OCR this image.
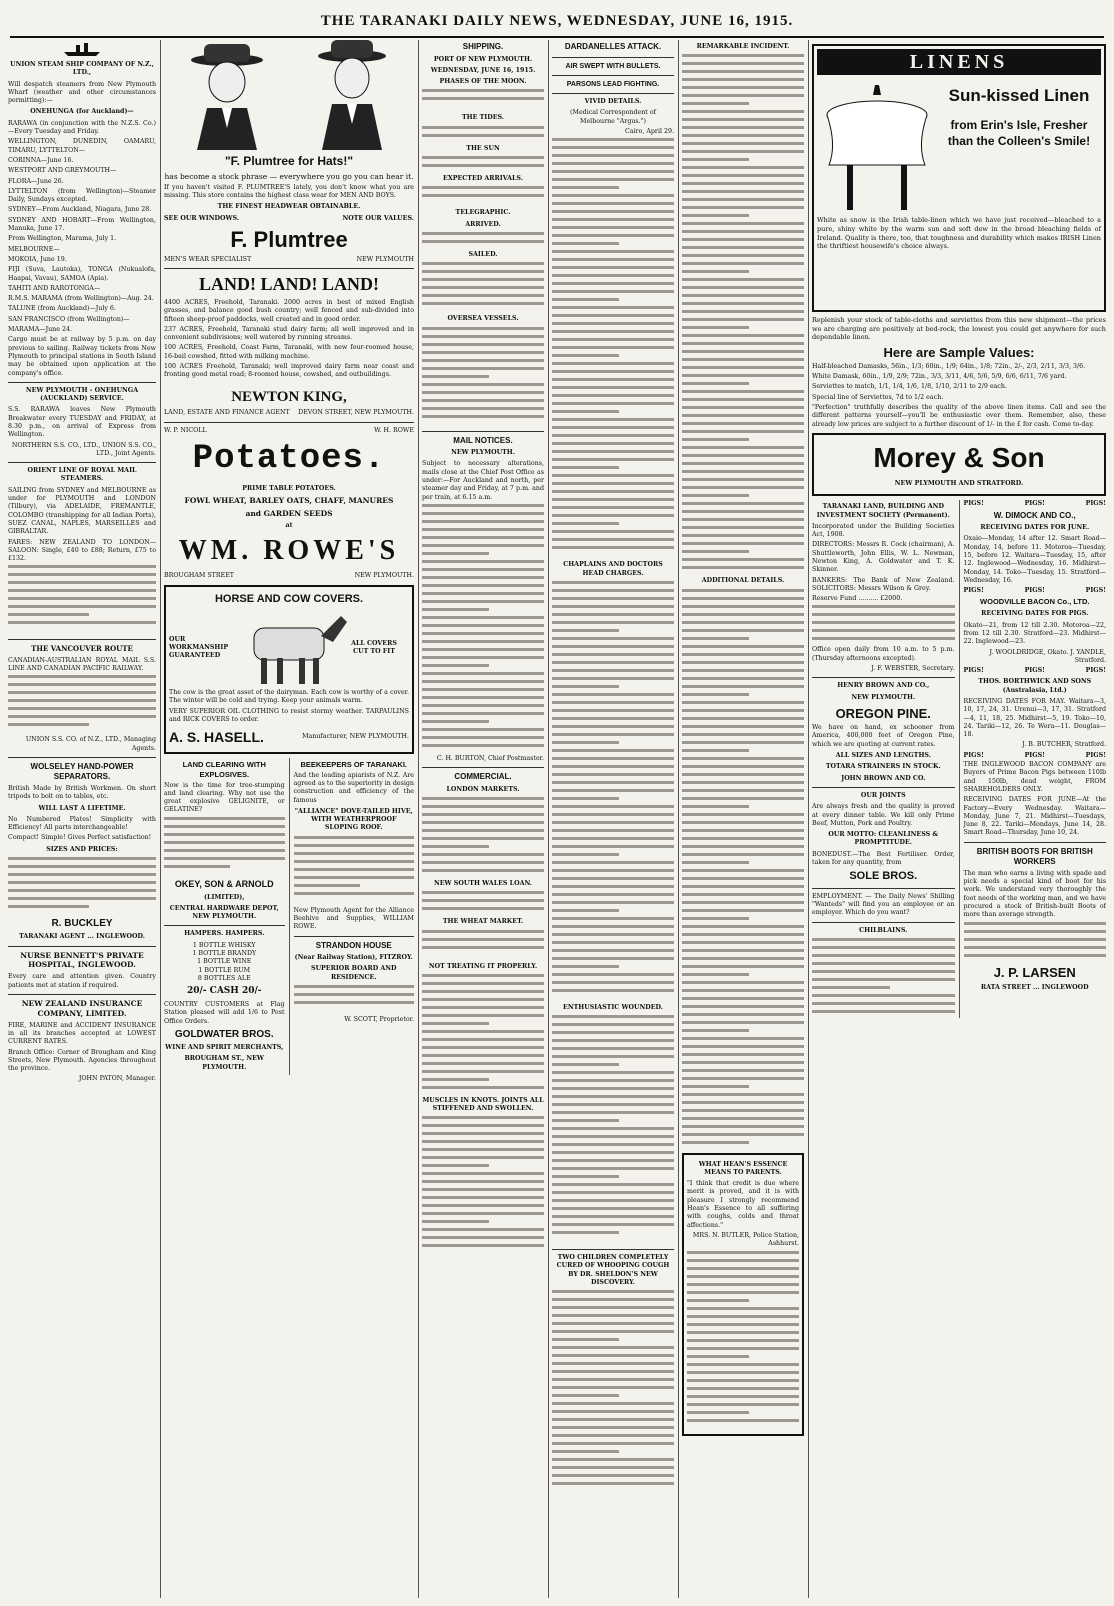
THE TARANAKI DAILY NEWS, WEDNESDAY, JUNE 16, 1915.
UNION STEAM SHIP COMPANY OF N.Z., LTD.,
Will despatch steamers from New Plymouth Wharf (weather and other circumstances permitting):—
ONEHUNGA (for Auckland)—
RARAWA (in conjunction with the N.Z.S. Co.)—Every Tuesday and Friday.
WELLINGTON, DUNEDIN, OAMARU, TIMARU, LYTTELTON—
CORINNA—June 16.
WESTPORT AND GREYMOUTH—
FLORA—June 26.
LYTTELTON (from Wellington)—Steamer Daily, Sundays excepted.
SYDNEY—From Auckland, Niagara, June 28.
SYDNEY AND HOBART—From Wellington, Manuka, June 17.
From Wellington, Marama, July 1.
MELBOURNE—
MOKOIA, June 19.
FIJI (Suva, Lautoka), TONGA (Nukualofa, Haapai, Vavau), SAMOA (Apia).
TAHITI AND RAROTONGA—
R.M.S. MARAMA (from Wellington)—Aug. 24.
TALUNE (from Auckland)—July 6.
SAN FRANCISCO (from Wellington)—
MARAMA—June 24.
Cargo must be at railway by 5 p.m. on day previous to sailing. Railway tickets from New Plymouth to principal stations in South Island may be obtained upon application at the company's office.
NEW PLYMOUTH - ONEHUNGA (AUCKLAND) SERVICE.
S.S. RARAWA leaves New Plymouth Breakwater every TUESDAY and FRIDAY, at 8.30 p.m., on arrival of Express from Wellington.
NORTHERN S.S. CO., LTD., UNION S.S. CO., LTD., Joint Agents.
ORIENT LINE OF ROYAL MAIL STEAMERS.
SAILING from SYDNEY and MELBOURNE as under for PLYMOUTH and LONDON (Tilbury), via ADELAIDE, FREMANTLE, COLOMBO (transhipping for all Indian Ports), SUEZ CANAL, NAPLES, MARSEILLES and GIBRALTAR.
FARES: NEW ZEALAND TO LONDON—SALOON: Single, £40 to £88; Return, £75 to £132.
THE VANCOUVER ROUTE
CANADIAN-AUSTRALIAN ROYAL MAIL S.S. LINE AND CANADIAN PACIFIC RAILWAY.
UNION S.S. CO. of N.Z., LTD., Managing Agents.
WOLSELEY HAND-POWER SEPARATORS.
British Made by British Workmen. On short tripods to bolt on to tables, etc.
WILL LAST A LIFETIME.
No Numbered Plates! Simplicity with Efficiency! All parts interchangeable!
Compact! Simple! Gives Perfect satisfaction!
SIZES AND PRICES:
R. BUCKLEY
TARANAKI AGENT ... INGLEWOOD.
NURSE BENNETT'S PRIVATE HOSPITAL, INGLEWOOD.
Every care and attention given. Country patients met at station if required.
NEW ZEALAND INSURANCE COMPANY, LIMITED.
FIRE, MARINE and ACCIDENT INSURANCE in all its branches accepted at LOWEST CURRENT RATES.
Branch Office: Corner of Brougham and King Streets, New Plymouth. Agencies throughout the province.
JOHN PATON, Manager.
"F. Plumtree for Hats!"
has become a stock phrase — everywhere you go you can hear it.
If you haven't visited F. PLUMTREE'S lately, you don't know what you are missing. This store contains the highest class wear for MEN AND BOYS.
THE FINEST HEADWEAR OBTAINABLE.
SEE OUR WINDOWS.	NOTE OUR VALUES.
F. Plumtree
MEN'S WEAR SPECIALIST	NEW PLYMOUTH
LAND! LAND! LAND!
4400 ACRES, Freehold, Taranaki. 2000 acres in best of mixed English grasses, and balance good bush country; well fenced and sub-divided into fifteen sheep-proof paddocks, well created and in good order.
237 ACRES, Freehold, Taranaki stud dairy farm; all well improved and in convenient subdivisions; well watered by running streams.
100 ACRES, Freehold, Coast Farm, Taranaki, with new four-roomed house, 16-bail cowshed, fitted with milking machine.
100 ACRES Freehold, Taranaki; well improved dairy farm near coast and fronting good metal road; 8-roomed house, cowshed, and outbuildings.
NEWTON KING,
LAND, ESTATE AND FINANCE AGENT DEVON STREET, NEW PLYMOUTH.
W. P. NICOLL	W. H. ROWE
Potatoes.
PRIME TABLE POTATOES.
FOWL WHEAT, BARLEY OATS, CHAFF, MANURES
and GARDEN SEEDS
at
WM. ROWE'S
BROUGHAM STREET	NEW PLYMOUTH.
HORSE AND COW COVERS.
OUR WORKMANSHIP GUARANTEED
ALL COVERS CUT TO FIT
The cow is the great asset of the dairyman. Each cow is worthy of a cover. The winter will be cold and trying. Keep your animals warm.
VERY SUPERIOR OIL CLOTHING to resist stormy weather. TARPAULINS and RICK COVERS to order.
A. S. HASELL.	Manufacturer, NEW PLYMOUTH.
LAND CLEARING WITH EXPLOSIVES.
Now is the time for tree-stumping and land clearing. Why not use the great explosive GELIGNITE, or GELATINE?
OKEY, SON & ARNOLD
(LIMITED),
CENTRAL HARDWARE DEPOT, NEW PLYMOUTH.
HAMPERS. HAMPERS.
1 BOTTLE WHISKY
1 BOTTLE BRANDY
1 BOTTLE WINE
1 BOTTLE RUM
8 BOTTLES ALE
20/- CASH 20/-
COUNTRY CUSTOMERS at Flag Station pleased will add 1/6 to Post Office Orders.
GOLDWATER BROS.
WINE AND SPIRIT MERCHANTS,
BROUGHAM ST., NEW PLYMOUTH.
BEEKEEPERS OF TARANAKI.
And the leading apiarists of N.Z. Are agreed as to the superiority in design construction and efficiency of the famous
"ALLIANCE" DOVE-TAILED HIVE, WITH WEATHERPROOF SLOPING ROOF.
New Plymouth Agent for the Alliance Beehive and Supplies, WILLIAM ROWE.
STRANDON HOUSE
(Near Railway Station), FITZROY.
SUPERIOR BOARD AND RESIDENCE.
W. SCOTT, Proprietor.
SHIPPING.
PORT OF NEW PLYMOUTH.
WEDNESDAY, JUNE 16, 1915.
PHASES OF THE MOON.
THE TIDES.
THE SUN
EXPECTED ARRIVALS.
TELEGRAPHIC.
ARRIVED.
SAILED.
OVERSEA VESSELS.
MAIL NOTICES.
NEW PLYMOUTH.
Subject to necessary alterations, mails close at the Chief Post Office as under:—For Auckland and north, per steamer day and Friday, at 7 p.m. and per train, at 6.15 a.m.
C. H. BURTON, Chief Postmaster.
COMMERCIAL.
LONDON MARKETS.
NEW SOUTH WALES LOAN.
THE WHEAT MARKET.
NOT TREATING IT PROPERLY.
MUSCLES IN KNOTS. JOINTS ALL STIFFENED AND SWOLLEN.
DARDANELLES ATTACK.
AIR SWEPT WITH BULLETS.
PARSONS LEAD FIGHTING.
VIVID DETAILS.
(Medical Correspondent of Melbourne "Argus.")
Cairo, April 29.
CHAPLAINS AND DOCTORS HEAD CHARGES.
ENTHUSIASTIC WOUNDED.
TWO CHILDREN COMPLETELY CURED OF WHOOPING COUGH BY DR. SHELDON'S NEW DISCOVERY.
REMARKABLE INCIDENT.
ADDITIONAL DETAILS.
WHAT HEAN'S ESSENCE MEANS TO PARENTS.
"I think that credit is due where merit is proved, and it is with pleasure I strongly recommend Hean's Essence to all suffering with coughs, colds and throat affections."
MRS. N. BUTLER, Police Station, Ashhurst.
LINENS
Sun-kissed Linen
from Erin's Isle, Fresher than the Colleen's Smile!
White as snow is the Irish table-linen which we have just received—bleached to a pure, shiny white by the warm sun and soft dew in the broad bleaching fields of Ireland. Quality is there, too, that toughness and durability which makes IRISH Linen the thriftiest housewife's choice always.
Replenish your stock of table-cloths and serviettes from this new shipment—the prices we are charging are positively at bed-rock, the lowest you could get anywhere for such dependable linen.
Here are Sample Values:
Half-bleached Damasks, 56in., 1/3; 60in., 1/9; 64in., 1/8; 72in., 2/-, 2/3, 2/11, 3/3, 3/6.
White Damask, 60in., 1/9, 2/9; 72in., 3/3, 3/11, 4/6, 5/6, 5/9, 6/6, 6/11, 7/6 yard.
Serviettes to match, 1/1, 1/4, 1/6, 1/8, 1/10, 2/11 to 2/9 each.
Special line of Serviettes, 7d to 1/2 each.
"Perfection" truthfully describes the quality of the above linen items. Call and see the different patterns yourself—you'll be enthusiastic over them. Remember, also, these already low prices are subject to a further discount of 1/- in the £ for cash. Come to-day.
Morey & Son
NEW PLYMOUTH AND STRATFORD.
TARANAKI LAND, BUILDING AND INVESTMENT SOCIETY (Permanent).
Incorporated under the Building Societies Act, 1908.
DIRECTORS: Messrs R. Cock (chairman), A. Shuttleworth, John Ellis, W. L. Newman, Newton King, A. Goldwater and T. K. Skinner.
BANKERS: The Bank of New Zealand. SOLICITORS: Messrs Wilson & Grey.
Reserve Fund .......... £2000.
Office open daily from 10 a.m. to 5 p.m. (Thursday afternoons excepted).
J. F. WEBSTER, Secretary.
HENRY BROWN AND CO.,
NEW PLYMOUTH.
OREGON PINE.
We have on hand, ex schooner from America, 400,000 feet of Oregon Pine, which we are quoting at current rates.
ALL SIZES AND LENGTHS.
TOTARA STRAINERS IN STOCK.
JOHN BROWN AND CO.
OUR JOINTS
Are always fresh and the quality is proved at every dinner table. We kill only Prime Beef, Mutton, Pork and Poultry.
OUR MOTTO: CLEANLINESS & PROMPTITUDE.
BONEDUST.—The Best Fertiliser. Order, taken for any quantity, from
SOLE BROS.
EMPLOYMENT. — The Daily News' Shilling "Wanteds" will find you an employee or an employer. Which do you want?
CHILBLAINS.
PIGS!	PIGS!	PIGS!
W. DIMOCK AND CO.,
RECEIVING DATES FOR JUNE.
Oxaio—Monday, 14 after 12. Smart Road—Monday, 14, before 11. Motoroa—Tuesday, 15, before 12. Waitara—Tuesday, 15, after 12. Inglewood—Wednesday, 16. Midhirst—Monday, 14. Toko—Tuesday, 15. Stratford—Wednesday, 16.
PIGS!	PIGS!	PIGS!
WOODVILLE BACON Co., LTD.
RECEIVING DATES FOR PIGS.
Okato—21, from 12 till 2.30. Motoroa—22, from 12 till 2.30. Stratford—23. Midhirst—22. Inglewood—23.
J. WOOLDRIDGE, Okato. J. YANDLE, Stratford.
PIGS!	PIGS!	PIGS!
THOS. BORTHWICK AND SONS (Australasia, Ltd.)
RECEIVING DATES FOR MAY. Waitara—3, 10, 17, 24, 31. Urenui—3, 17, 31. Stratford—4, 11, 18, 25. Midhirst—5, 19. Toko—10, 24. Tariki—12, 26. Te Wera—11. Douglas—18.
J. B. BUTCHER, Stratford.
PIGS!	PIGS!	PIGS!
THE INGLEWOOD BACON COMPANY are Buyers of Prime Bacon Pigs between 110lb and 150lb, dead weight, FROM SHAREHOLDERS ONLY.
RECEIVING DATES FOR JUNE—At the Factory—Every Wednesday. Waitara—Monday, June 7, 21. Midhirst—Tuesdays, June 8, 22. Tariki—Mondays, June 14, 28. Smart Road—Thursday, June 10, 24.
BRITISH BOOTS FOR BRITISH WORKERS
The man who earns a living with spade and pick needs a special kind of boot for his work. We understand very thoroughly the foot needs of the working man, and we have procured a stock of British-built Boots of more than average strength.
J. P. LARSEN
RATA STREET ... INGLEWOOD
